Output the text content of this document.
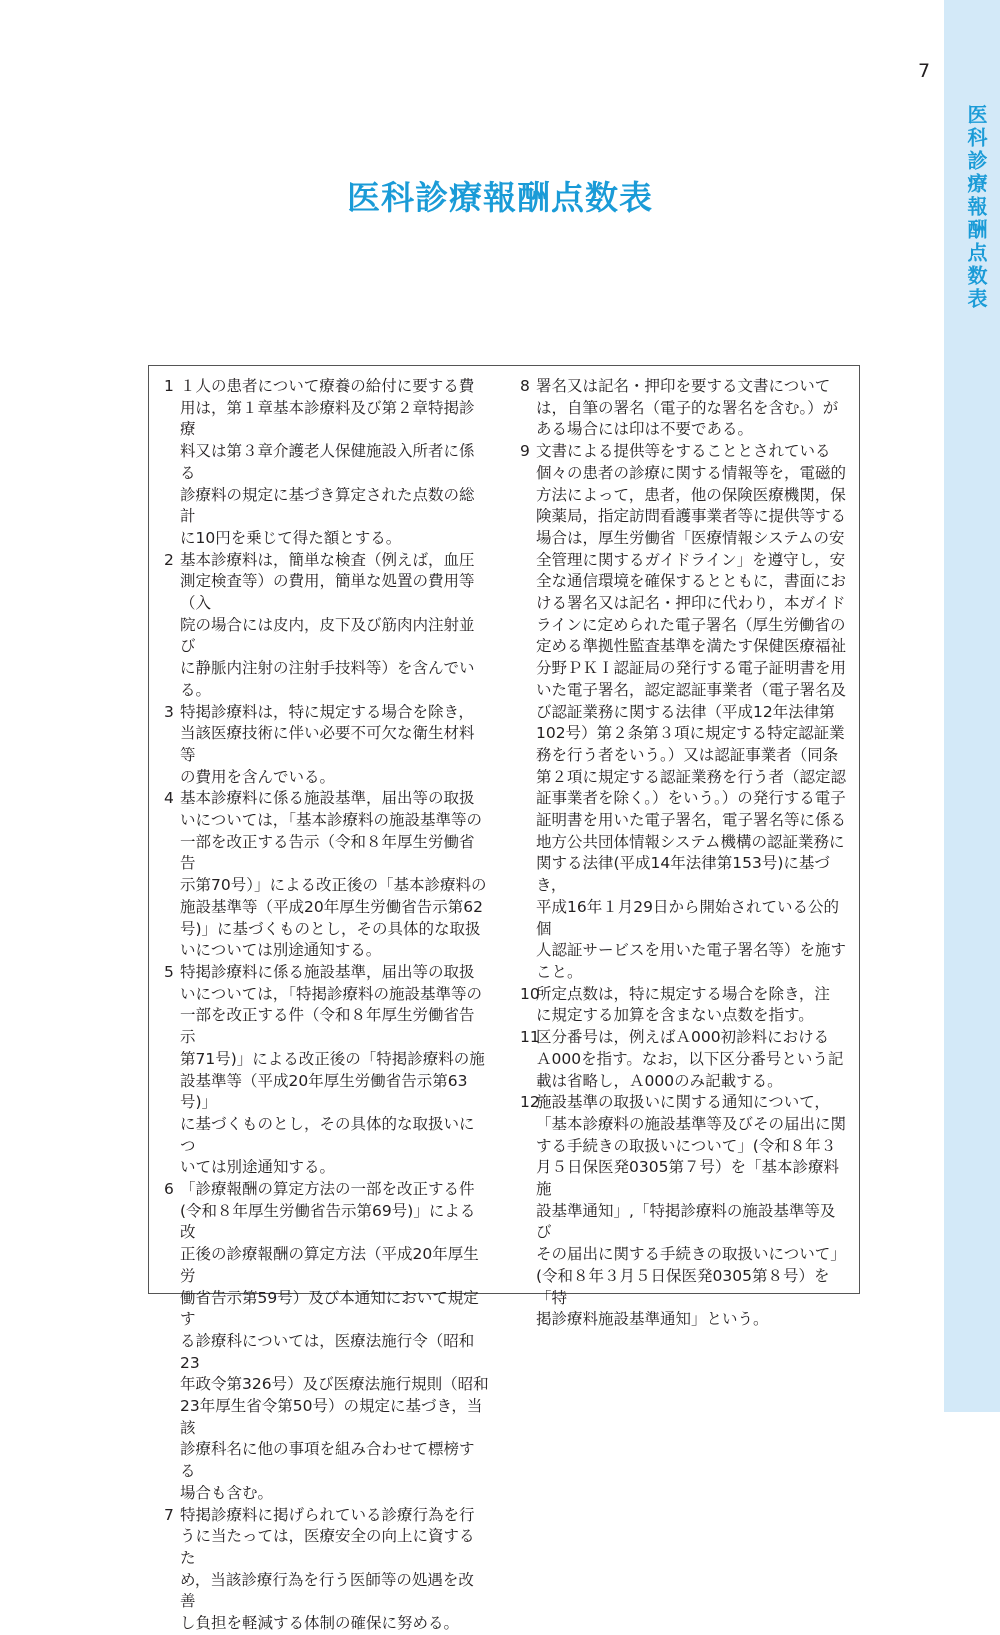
医科診療報酬点数表
7
医科診療報酬点数表
1 １人の患者について療養の給付に要する費
用は，第１章基本診療料及び第２章特掲診療
料又は第３章介護老人保健施設入所者に係る
診療料の規定に基づき算定された点数の総計
に10円を乗じて得た額とする。
2 基本診療料は，簡単な検査（例えば，血圧
測定検査等）の費用，簡単な処置の費用等（入
院の場合には皮内，皮下及び筋肉内注射並び
に静脈内注射の注射手技料等）を含んでいる。
3 特掲診療料は，特に規定する場合を除き，
当該医療技術に伴い必要不可欠な衛生材料等
の費用を含んでいる。
4 基本診療料に係る施設基準，届出等の取扱
いについては，「基本診療料の施設基準等の
一部を改正する告示（令和８年厚生労働省告
示第70号）」による改正後の「基本診療料の
施設基準等（平成20年厚生労働省告示第62
号)」に基づくものとし，その具体的な取扱
いについては別途通知する。
5 特掲診療料に係る施設基準，届出等の取扱
いについては，「特掲診療料の施設基準等の
一部を改正する件（令和８年厚生労働省告示
第71号)」による改正後の「特掲診療料の施
設基準等（平成20年厚生労働省告示第63号)」
に基づくものとし，その具体的な取扱いにつ
いては別途通知する。
6 「診療報酬の算定方法の一部を改正する件
(令和８年厚生労働省告示第69号)」による改
正後の診療報酬の算定方法（平成20年厚生労
働省告示第59号）及び本通知において規定す
る診療科については，医療法施行令（昭和23
年政令第326号）及び医療法施行規則（昭和
23年厚生省令第50号）の規定に基づき，当該
診療科名に他の事項を組み合わせて標榜する
場合も含む。
7 特掲診療料に掲げられている診療行為を行
うに当たっては，医療安全の向上に資するた
め，当該診療行為を行う医師等の処遇を改善
し負担を軽減する体制の確保に努める。
8 署名又は記名・押印を要する文書について
は，自筆の署名（電子的な署名を含む。）が
ある場合には印は不要である。
9 文書による提供等をすることとされている
個々の患者の診療に関する情報等を，電磁的
方法によって，患者，他の保険医療機関，保
険薬局，指定訪問看護事業者等に提供等する
場合は，厚生労働省「医療情報システムの安
全管理に関するガイドライン」を遵守し，安
全な通信環境を確保するとともに，書面にお
ける署名又は記名・押印に代わり，本ガイド
ラインに定められた電子署名（厚生労働省の
定める準拠性監査基準を満たす保健医療福祉
分野ＰＫＩ認証局の発行する電子証明書を用
いた電子署名，認定認証事業者（電子署名及
び認証業務に関する法律（平成12年法律第
102号）第２条第３項に規定する特定認証業
務を行う者をいう。）又は認証事業者（同条
第２項に規定する認証業務を行う者（認定認
証事業者を除く。）をいう。）の発行する電子
証明書を用いた電子署名，電子署名等に係る
地方公共団体情報システム機構の認証業務に
関する法律(平成14年法律第153号)に基づき，
平成16年１月29日から開始されている公的個
人認証サービスを用いた電子署名等）を施す
こと。
10
所定点数は，特に規定する場合を除き，注
に規定する加算を含まない点数を指す。
11
区分番号は，例えばＡ000初診料における
Ａ000を指す。なお，以下区分番号という記
載は省略し，Ａ000のみ記載する。
12
施設基準の取扱いに関する通知について，
「基本診療料の施設基準等及びその届出に関
する手続きの取扱いについて」(令和８年３
月５日保医発0305第７号）を「基本診療料施
設基準通知」,「特掲診療料の施設基準等及び
その届出に関する手続きの取扱いについて」
(令和８年３月５日保医発0305第８号）を「特
掲診療料施設基準通知」という。
